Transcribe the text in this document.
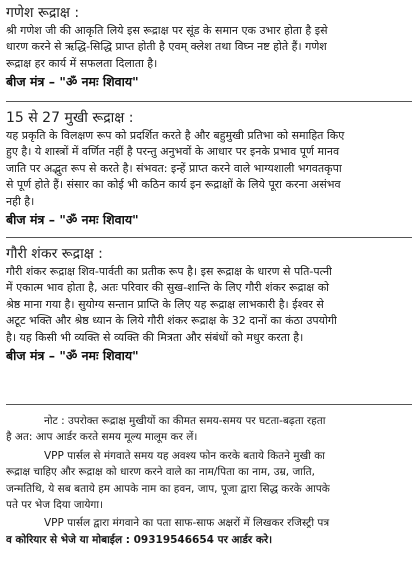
गणेश रूद्राक्ष :
श्री गणेश जी की आकृति लिये इस रूद्राक्ष पर सूंड के समान एक उभार होता है इसे
धारण करने से ऋद्धि-सिद्धि प्राप्त होती है एवम् क्लेश तथा विघ्न नष्ट होते हैं। गणेश
रूद्राक्ष हर कार्य में सफलता दिलाता है।

बीज मंत्र – "ॐ नमः शिवाय"

15 से 27 मुखी रूद्राक्ष :
यह प्रकृति के विलक्षण रूप को प्रदर्शित करते है और बहुमुखी प्रतिभा को समाहित किए
हुए है। ये शास्त्रों में वर्णित नहीं है परन्तु अनुभवों के आधार पर इनके प्रभाव पूर्ण मानव
जाति पर अद्भुत रूप से करते है। संभवत: इन्हें प्राप्त करने वाले भाग्यशाली भगवतकृपा
से पूर्ण होते हैं। संसार का कोई भी कठिन कार्य इन रूद्राक्षों के लिये पूरा करना असंभव
नही है।

बीज मंत्र – "ॐ नमः शिवाय"

गौरी शंकर रूद्राक्ष :
गौरी शंकर रूद्राक्ष शिव-पार्वती का प्रतीक रूप है। इस रूद्राक्ष के धारण से पति-पत्नी
में एकात्म भाव होता है, अतः परिवार की सुख-शान्ति के लिए गौरी शंकर रूद्राक्ष को
श्रेष्ठ माना गया है। सुयोग्य सन्तान प्राप्ति के लिए यह रूद्राक्ष लाभकारी है। ईश्वर से
अटूट भक्ति और श्रेष्ठ ध्यान के लिये गौरी शंकर रूद्राक्ष के 32 दानों का कंठा उपयोगी
है। यह किसी भी व्यक्ति से व्यक्ति की मित्रता और संबंधों को मधुर करता है।

बीज मंत्र – "ॐ नमः शिवाय"

नोट : उपरोक्त रूद्राक्ष मुखीयों का कीमत समय-समय पर घटता-बढ़ता रहता
है अत: आप आर्डर करते समय मूल्य मालूम कर लें।
VPP पार्सल से मंगवाते समय यह अवश्य फोन करके बताये कितने मुखी का
रूद्राक्ष चाहिए और रूद्राक्ष को धारण करने वाले का नाम/पिता का नाम, उम्र, जाति,
जन्मतिथि, ये सब बताये हम आपके नाम का हवन, जाप, पूजा द्वारा सिद्ध करके आपके
पते पर भेज दिया जायेगा।
VPP पार्सल द्वारा मंगवाने का पता साफ-साफ अक्षरों में लिखकर रजिस्ट्री पत्र
व कोरियार से भेजे या मोबाईल : 09319546654 पर आर्डर करे।
